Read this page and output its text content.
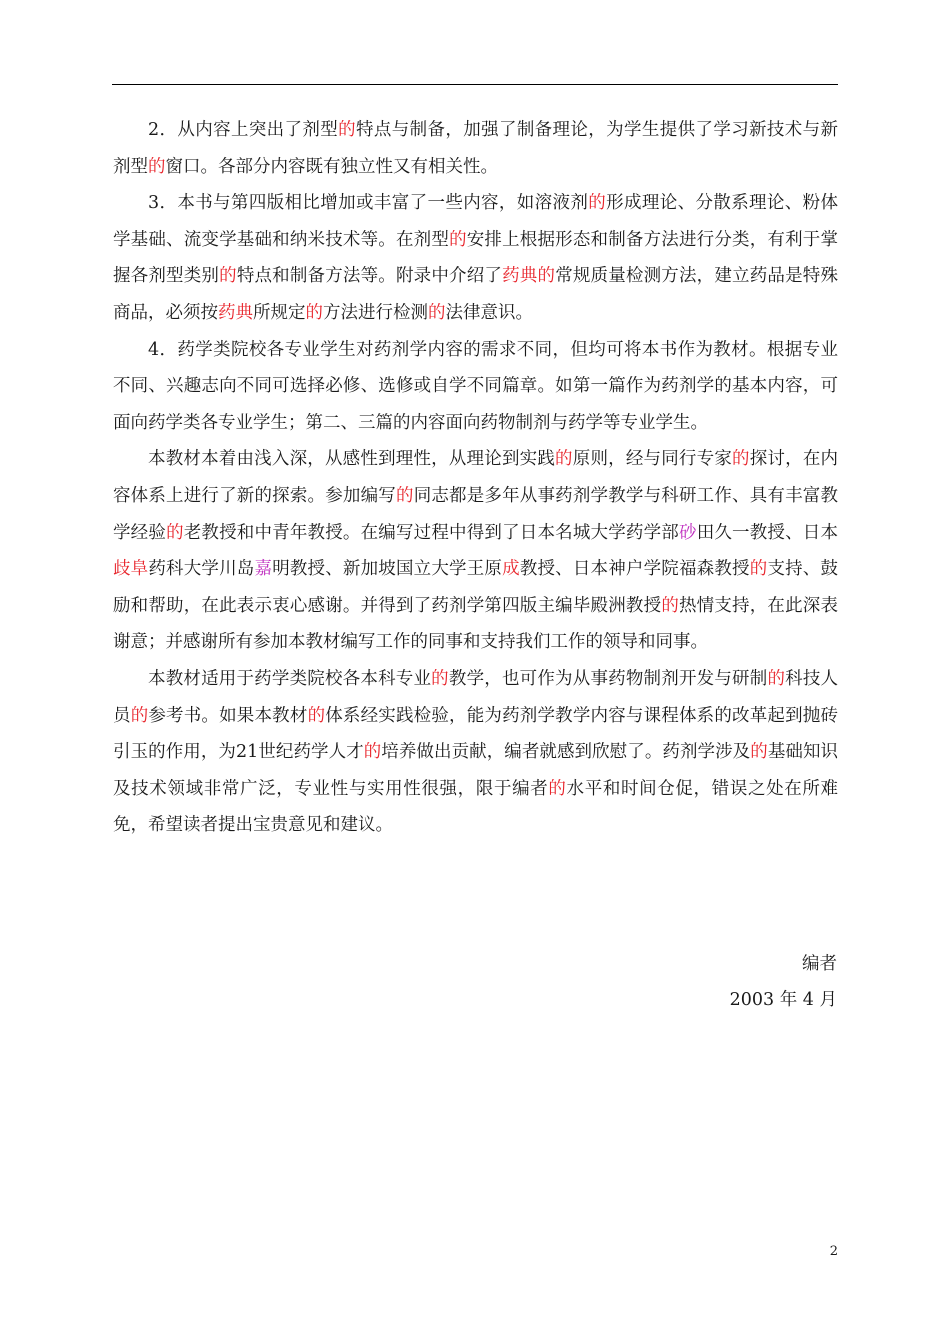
2．从内容上突出了剂型的特点与制备，加强了制备理论，为学生提供了学习新技术与新剂型的窗口。各部分内容既有独立性又有相关性。

3．本书与第四版相比增加或丰富了一些内容，如溶液剂的形成理论、分散系理论、粉体学基础、流变学基础和纳米技术等。在剂型的安排上根据形态和制备方法进行分类，有利于掌握各剂型类别的特点和制备方法等。附录中介绍了药典的常规质量检测方法，建立药品是特殊商品，必须按药典所规定的方法进行检测的法律意识。

4．药学类院校各专业学生对药剂学内容的需求不同，但均可将本书作为教材。根据专业不同、兴趣志向不同可选择必修、选修或自学不同篇章。如第一篇作为药剂学的基本内容，可面向药学类各专业学生；第二、三篇的内容面向药物制剂与药学等专业学生。

本教材本着由浅入深，从感性到理性，从理论到实践的原则，经与同行专家的探讨，在内容体系上进行了新的探索。参加编写的同志都是多年从事药剂学教学与科研工作、具有丰富教学经验的老教授和中青年教授。在编写过程中得到了日本名城大学药学部砂田久一教授、日本歧阜药科大学川岛嘉明教授、新加坡国立大学王原成教授、日本神户学院福森教授的支持、鼓励和帮助，在此表示衷心感谢。并得到了药剂学第四版主编毕殿洲教授的热情支持，在此深表谢意；并感谢所有参加本教材编写工作的同事和支持我们工作的领导和同事。

本教材适用于药学类院校各本科专业的教学，也可作为从事药物制剂开发与研制的科技人员的参考书。如果本教材的体系经实践检验，能为药剂学教学内容与课程体系的改革起到抛砖引玉的作用，为21世纪药学人才的培养做出贡献，编者就感到欣慰了。药剂学涉及的基础知识及技术领域非常广泛，专业性与实用性很强，限于编者的水平和时间仓促，错误之处在所难免，希望读者提出宝贵意见和建议。

编者
2003 年 4 月
2
